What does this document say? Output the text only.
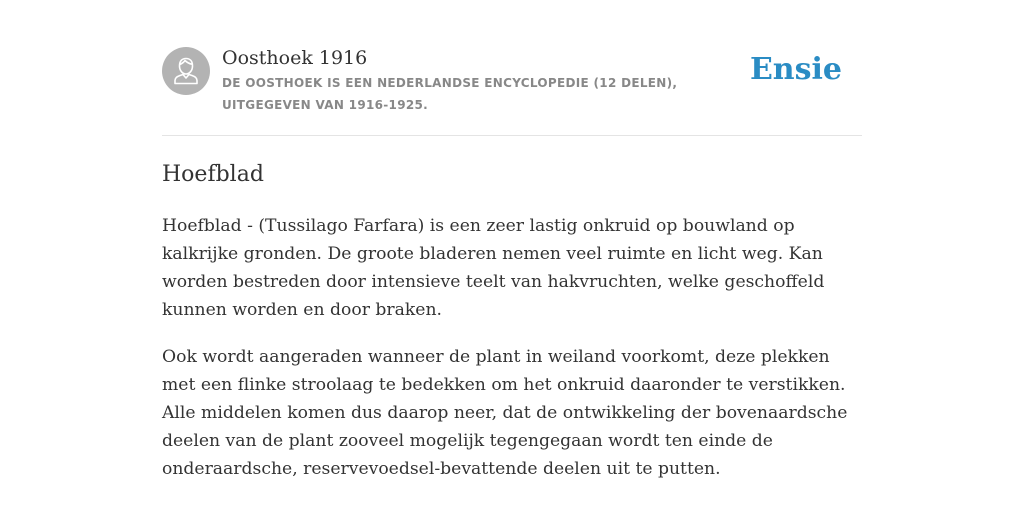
Oosthoek 1916
DE OOSTHOEK IS EEN NEDERLANDSE ENCYCLOPEDIE (12 DELEN), UITGEGEVEN VAN 1916-1925.
Ensie
Hoefblad

Hoefblad - (Tussilago Farfara) is een zeer lastig onkruid op bouwland op kalkrijke gronden. De groote bladeren nemen veel ruimte en licht weg. Kan worden bestreden door intensieve teelt van hakvruchten, welke geschoffeld kunnen worden en door braken.

Ook wordt aangeraden wanneer de plant in weiland voorkomt, deze plekken met een flinke stroolaag te bedekken om het onkruid daaronder te verstikken. Alle middelen komen dus daarop neer, dat de ontwikkeling der bovenaardsche deelen van de plant zooveel mogelijk tegengegaan wordt ten einde de onderaardsche, reservevoedsel-bevattende deelen uit te putten.
